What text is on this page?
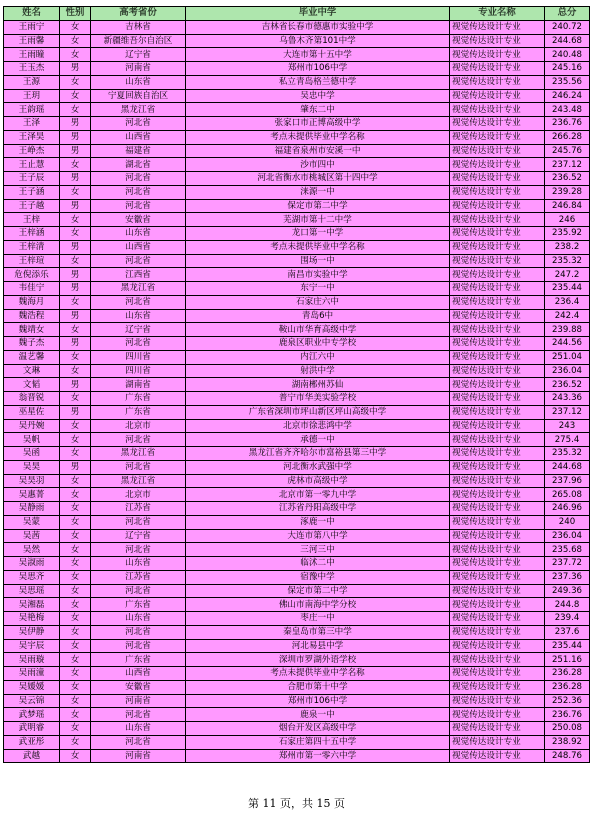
姓名	性别	高考省份	毕业中学	专业名称	总分
王雨宁	女	吉林省	吉林省长春市德惠市实验中学	视觉传达设计专业	240.72
王雨馨	女	新疆维吾尔自治区	乌鲁木齐第101中学	视觉传达设计专业	244.68
王雨瞳	女	辽宁省	大连市第十五中学	视觉传达设计专业	240.48
王玉杰	男	河南省	郑州市106中学	视觉传达设计专业	245.16
王源	女	山东省	私立青岛格兰德中学	视觉传达设计专业	235.56
王玥	女	宁夏回族自治区	吴忠中学	视觉传达设计专业	246.24
王韵瑶	女	黑龙江省	肇东二中	视觉传达设计专业	243.48
王泽	男	河北省	张家口市正博高级中学	视觉传达设计专业	236.76
王泽昊	男	山西省	考点未提供毕业中学名称	视觉传达设计专业	266.28
王峥杰	男	福建省	福建省泉州市安溪一中	视觉传达设计专业	245.76
王止慧	女	湖北省	沙市四中	视觉传达设计专业	237.12
王子辰	男	河北省	河北省衡水市桃城区第十四中学	视觉传达设计专业	236.52
王子涵	女	河北省	涞源一中	视觉传达设计专业	239.28
王子越	男	河北省	保定市第二中学	视觉传达设计专业	246.84
王梓	女	安徽省	芜湖市第十二中学	视觉传达设计专业	246
王梓涵	女	山东省	龙口第一中学	视觉传达设计专业	235.92
王梓清	男	山西省	考点未提供毕业中学名称	视觉传达设计专业	238.2
王梓瑄	女	河北省	围场一中	视觉传达设计专业	235.32
危倪添乐	男	江西省	南昌市实验中学	视觉传达设计专业	247.2
韦佳宁	男	黑龙江省	东宁一中	视觉传达设计专业	235.44
魏海月	女	河北省	石家庄六中	视觉传达设计专业	236.4
魏浩程	男	山东省	青岛6中	视觉传达设计专业	242.4
魏靖女	女	辽宁省	鞍山市华育高级中学	视觉传达设计专业	239.88
魏子杰	男	河北省	鹿泉区职业中专学校	视觉传达设计专业	244.56
温艺馨	女	四川省	内江六中	视觉传达设计专业	251.04
文琳	女	四川省	射洪中学	视觉传达设计专业	236.04
文韬	男	湖南省	湖南郴州苏仙	视觉传达设计专业	236.52
翁晋锐	女	广东省	普宁市华美实验学校	视觉传达设计专业	243.36
巫星佐	男	广东省	广东省深圳市坪山新区坪山高级中学	视觉传达设计专业	237.12
吴丹婉	女	北京市	北京市徐悲鸿中学	视觉传达设计专业	243
吴帆	女	河北省	承德一中	视觉传达设计专业	275.4
吴函	女	黑龙江省	黑龙江省齐齐哈尔市富裕县第三中学	视觉传达设计专业	235.32
吴昊	男	河北省	河北衡水武强中学	视觉传达设计专业	244.68
吴昊羽	女	黑龙江省	虎林市高级中学	视觉传达设计专业	237.96
吴惠菁	女	北京市	北京市第一零九中学	视觉传达设计专业	265.08
吴静雨	女	江苏省	江苏省丹阳高级中学	视觉传达设计专业	246.96
吴蒙	女	河北省	涿鹿一中	视觉传达设计专业	240
吴茜	女	辽宁省	大连市第八中学	视觉传达设计专业	236.04
吴然	女	河北省	三河三中	视觉传达设计专业	235.68
吴淑雨	女	山东省	临沭二中	视觉传达设计专业	237.72
吴思齐	女	江苏省	宿豫中学	视觉传达设计专业	237.36
吴思瑶	女	河北省	保定市第二中学	视觉传达设计专业	249.36
吴湘磊	女	广东省	佛山市南海中学分校	视觉传达设计专业	244.8
吴艳梅	女	山东省	枣庄一中	视觉传达设计专业	239.4
吴伊静	女	河北省	秦皇岛市第三中学	视觉传达设计专业	237.6
吴宇辰	女	河北省	河北易县中学	视觉传达设计专业	235.44
吴雨璇	女	广东省	深圳市罗湖外语学校	视觉传达设计专业	251.16
吴雨潼	女	山西省	考点未提供毕业中学名称	视觉传达设计专业	236.28
吴媛媛	女	安徽省	合肥市第十中学	视觉传达设计专业	236.28
吴云锦	女	河南省	郑州市106中学	视觉传达设计专业	252.36
武梦瑶	女	河北省	鹿泉一中	视觉传达设计专业	236.76
武明睿	女	山东省	烟台开发区高级中学	视觉传达设计专业	250.08
武亚彤	女	河北省	石家庄第四十五中学	视觉传达设计专业	238.92
武越	女	河南省	郑州市第一零六中学	视觉传达设计专业	248.76
第 11 页，共 15 页
